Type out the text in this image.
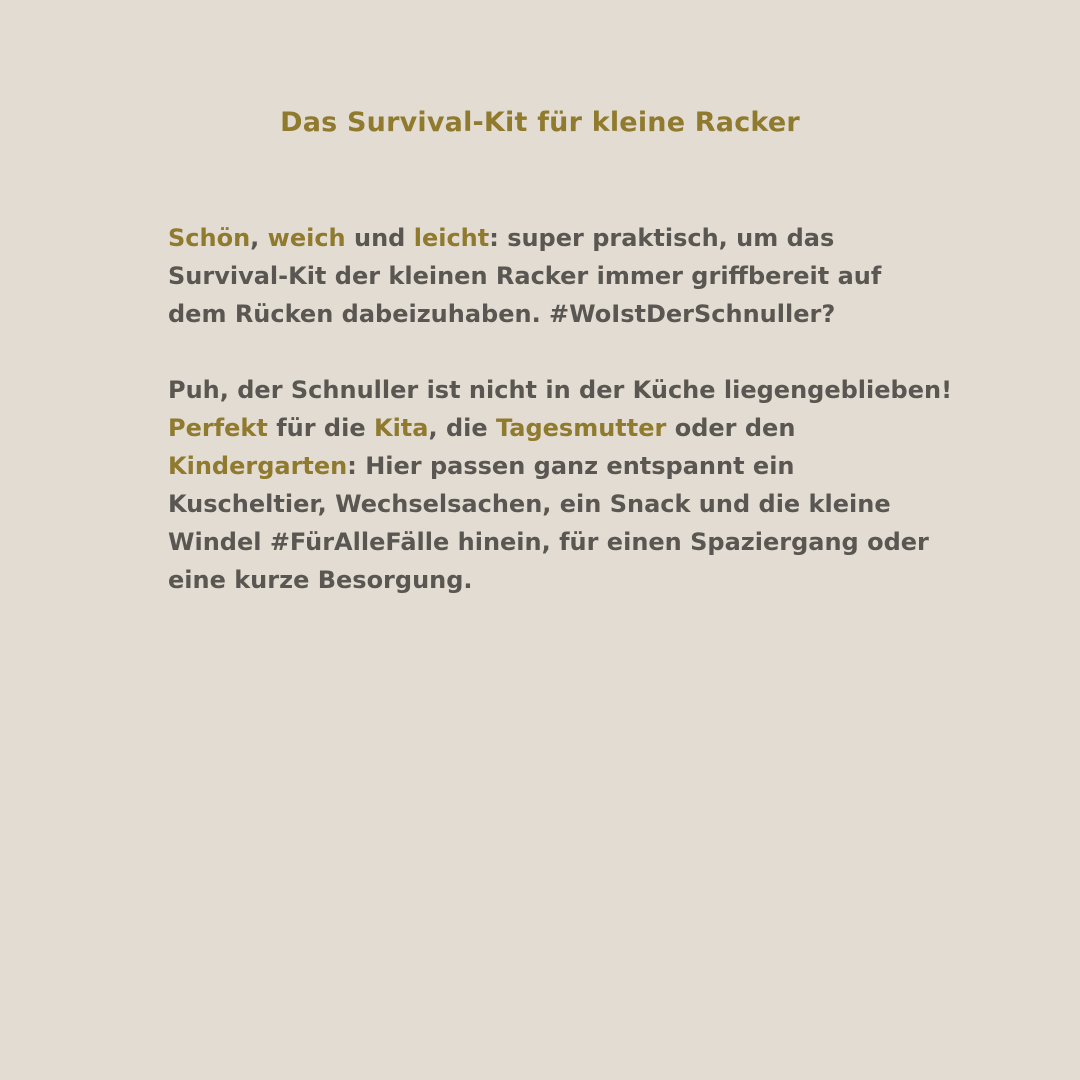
Das Survival-Kit für kleine Racker

Schön, weich und leicht: super praktisch, um das
Survival-Kit der kleinen Racker immer griffbereit auf
dem Rücken dabeizuhaben. #WoIstDerSchnuller?

Puh, der Schnuller ist nicht in der Küche liegengeblieben!
Perfekt für die Kita, die Tagesmutter oder den
Kindergarten: Hier passen ganz entspannt ein
Kuscheltier, Wechselsachen, ein Snack und die kleine
Windel #FürAlleFälle hinein, für einen Spaziergang oder
eine kurze Besorgung.
